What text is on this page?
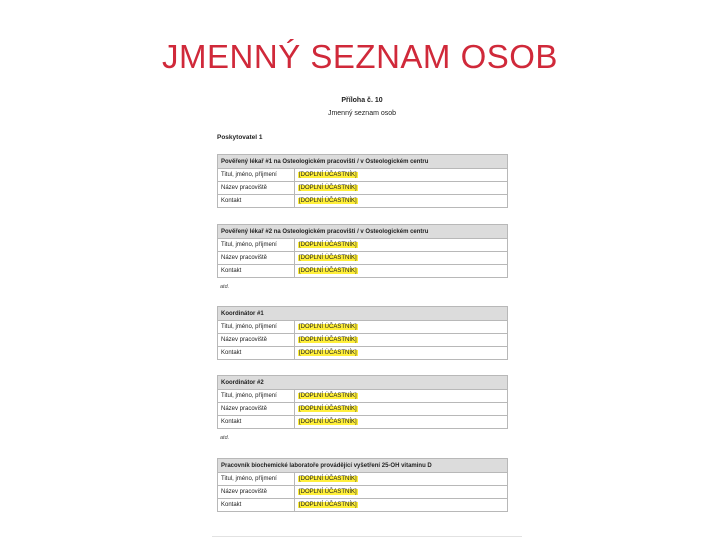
JMENNÝ SEZNAM OSOB
Příloha č. 10
Jmenný seznam osob
Poskytovatel 1
Pověřený lékař #1 na Osteologickém pracovišti / v Osteologickém centru	
Titul, jméno, příjmení	[DOPLNÍ ÚČASTNÍK]
Název pracoviště	[DOPLNÍ ÚČASTNÍK]
Kontakt	[DOPLNÍ ÚČASTNÍK]
Pověřený lékař #2 na Osteologickém pracovišti / v Osteologickém centru	
Titul, jméno, příjmení	[DOPLNÍ ÚČASTNÍK]
Název pracoviště	[DOPLNÍ ÚČASTNÍK]
Kontakt	[DOPLNÍ ÚČASTNÍK]
atd.
Koordinátor #1	
Titul, jméno, příjmení	[DOPLNÍ ÚČASTNÍK]
Název pracoviště	[DOPLNÍ ÚČASTNÍK]
Kontakt	[DOPLNÍ ÚČASTNÍK]
Koordinátor #2	
Titul, jméno, příjmení	[DOPLNÍ ÚČASTNÍK]
Název pracoviště	[DOPLNÍ ÚČASTNÍK]
Kontakt	[DOPLNÍ ÚČASTNÍK]
atd.
Pracovník biochemické laboratoře provádějící vyšetření 25-OH vitaminu D	
Titul, jméno, příjmení	[DOPLNÍ ÚČASTNÍK]
Název pracoviště	[DOPLNÍ ÚČASTNÍK]
Kontakt	[DOPLNÍ ÚČASTNÍK]
